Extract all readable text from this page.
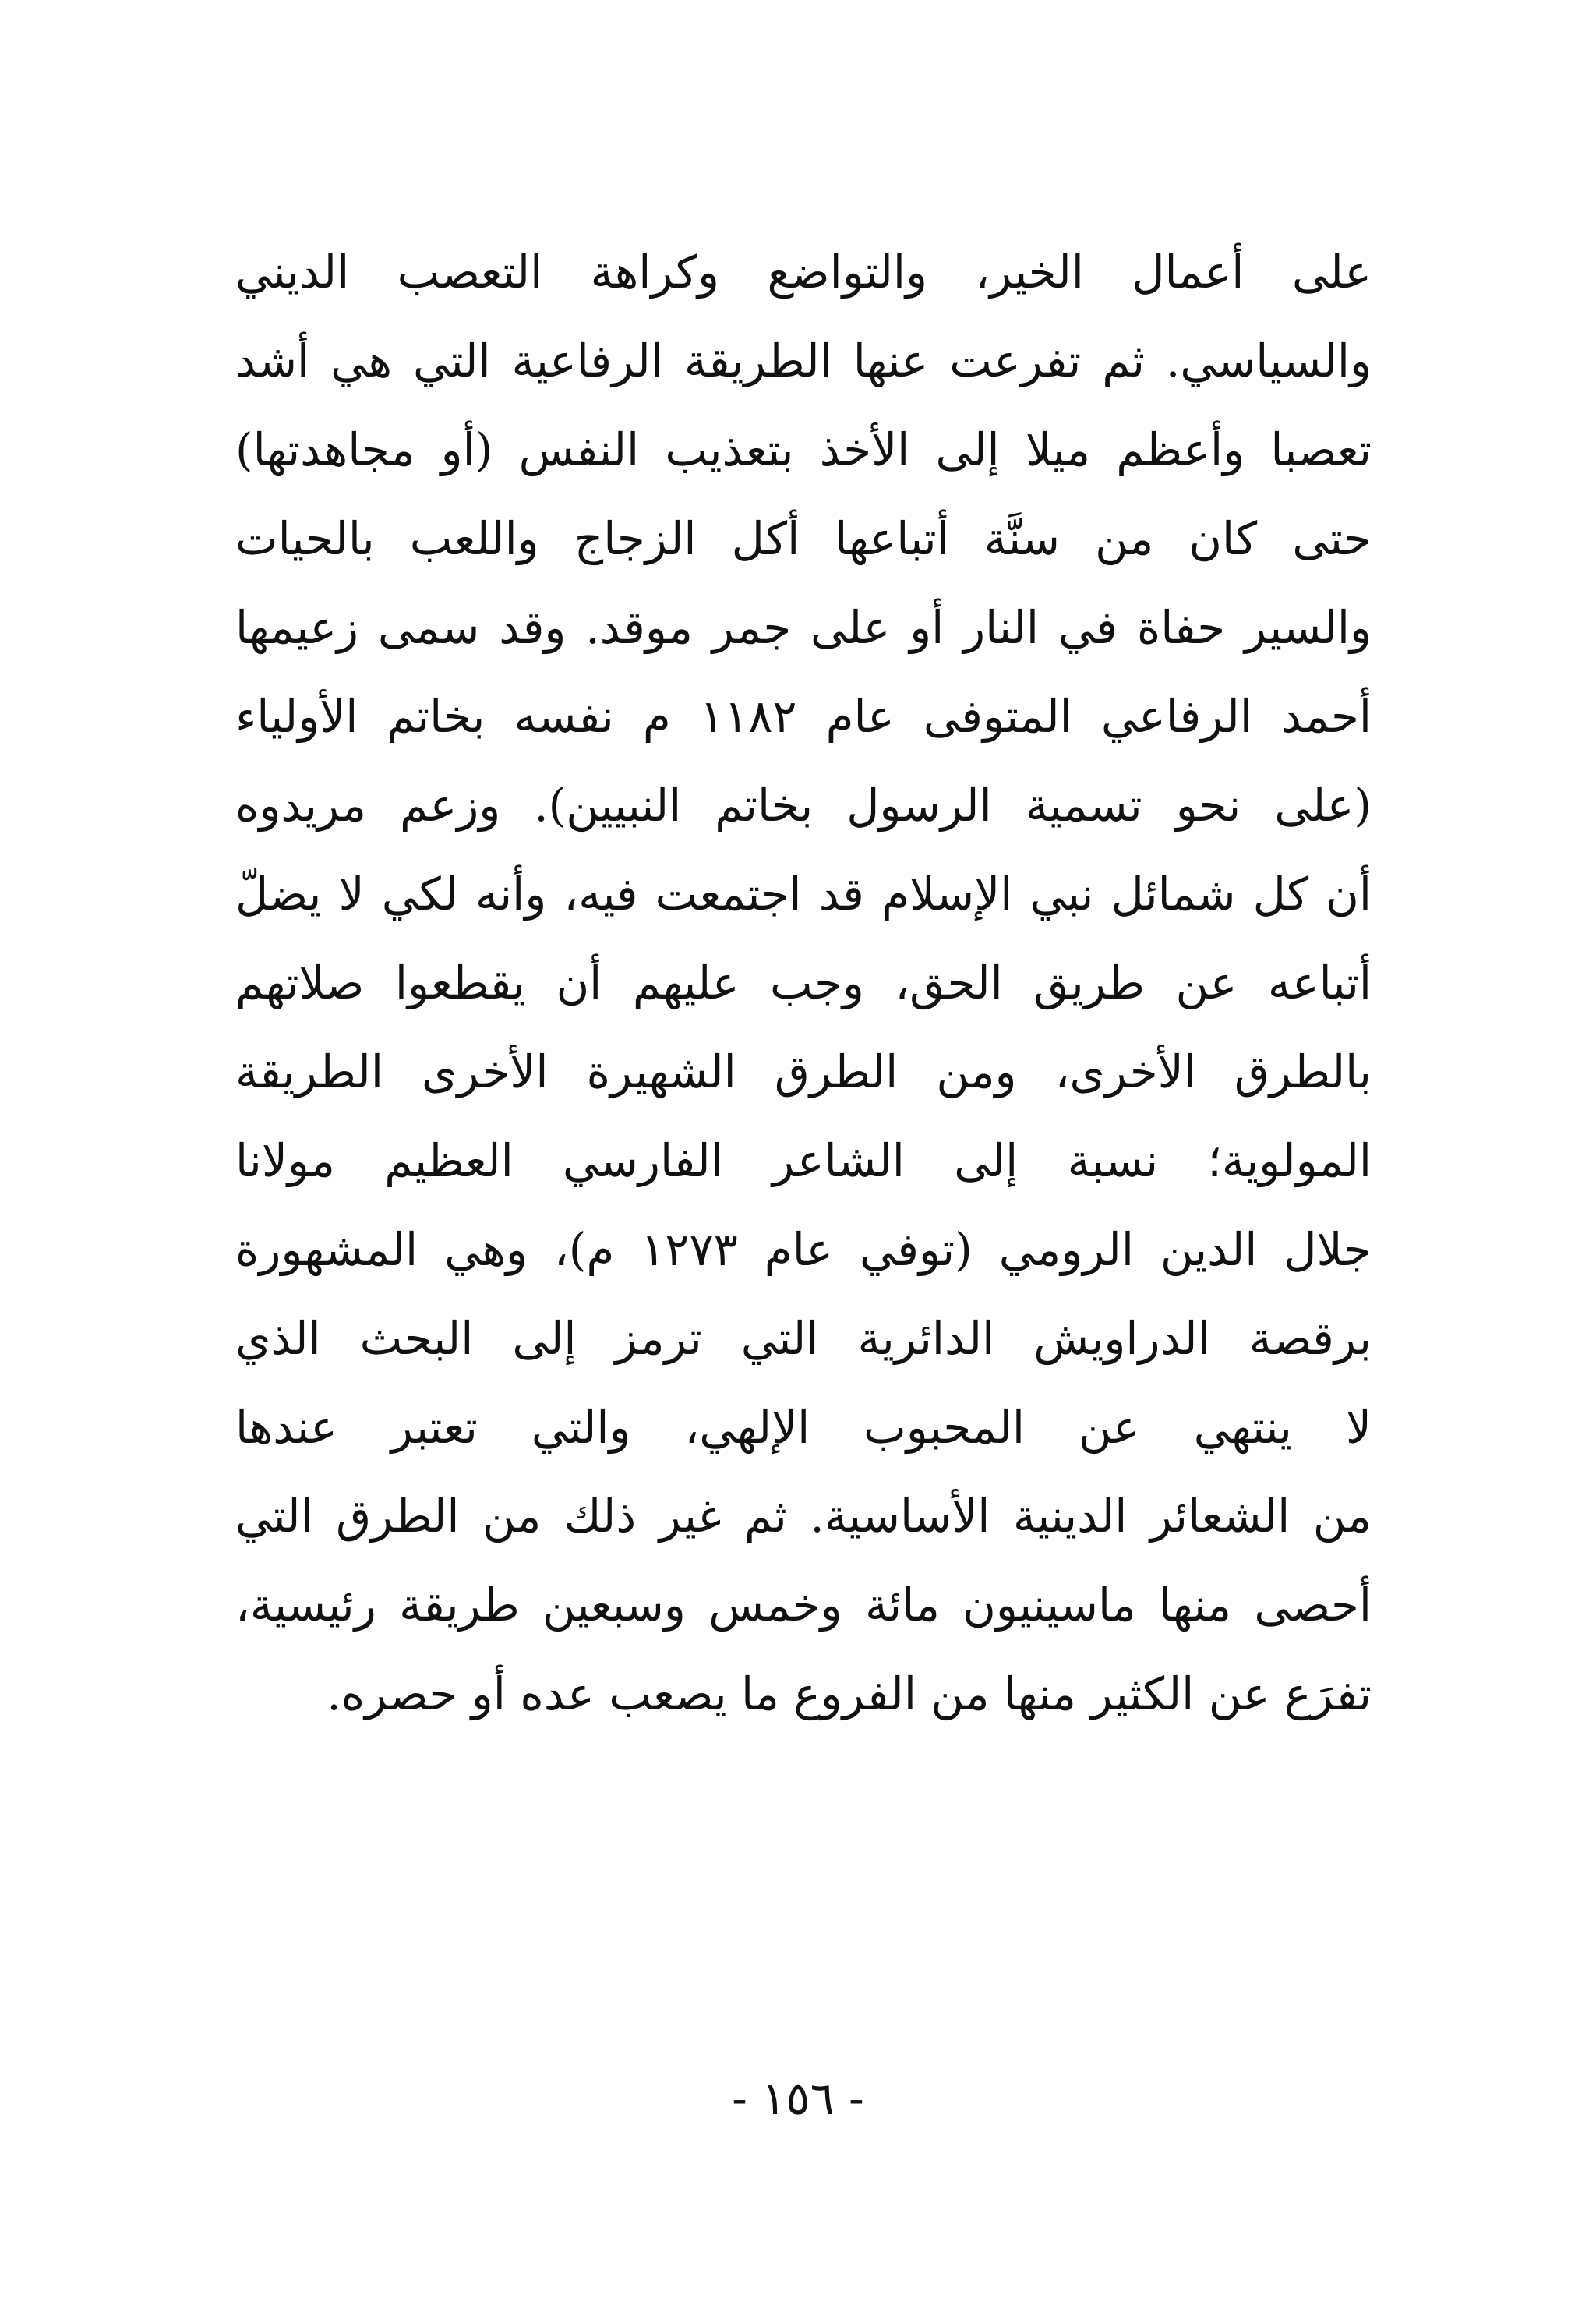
على أعمال الخير، والتواضع وكراهة التعصب الديني
والسياسي. ثم تفرعت عنها الطريقة الرفاعية التي هي أشد
تعصبا وأعظم ميلا إلى الأخذ بتعذيب النفس (أو مجاهدتها)
حتى كان من سنَّة أتباعها أكل الزجاج واللعب بالحيات
والسير حفاة في النار أو على جمر موقد. وقد سمى زعيمها
أحمد الرفاعي المتوفى عام ١١٨٢ م نفسه بخاتم الأولياء
(على نحو تسمية الرسول بخاتم النبيين). وزعم مريدوه
أن كل شمائل نبي الإسلام قد اجتمعت فيه، وأنه لكي لا يضلّ
أتباعه عن طريق الحق، وجب عليهم أن يقطعوا صلاتهم
بالطرق الأخرى، ومن الطرق الشهيرة الأخرى الطريقة
المولوية؛ نسبة إلى الشاعر الفارسي العظيم مولانا
جلال الدين الرومي (توفي عام ١٢٧٣ م)، وهي المشهورة
برقصة الدراويش الدائرية التي ترمز إلى البحث الذي
لا ينتهي عن المحبوب الإلهي، والتي تعتبر عندها
من الشعائر الدينية الأساسية. ثم غير ذلك من الطرق التي
أحصى منها ماسينيون مائة وخمس وسبعين طريقة رئيسية،
تفرَع عن الكثير منها من الفروع ما يصعب عده أو حصره.
- ١٥٦ -
